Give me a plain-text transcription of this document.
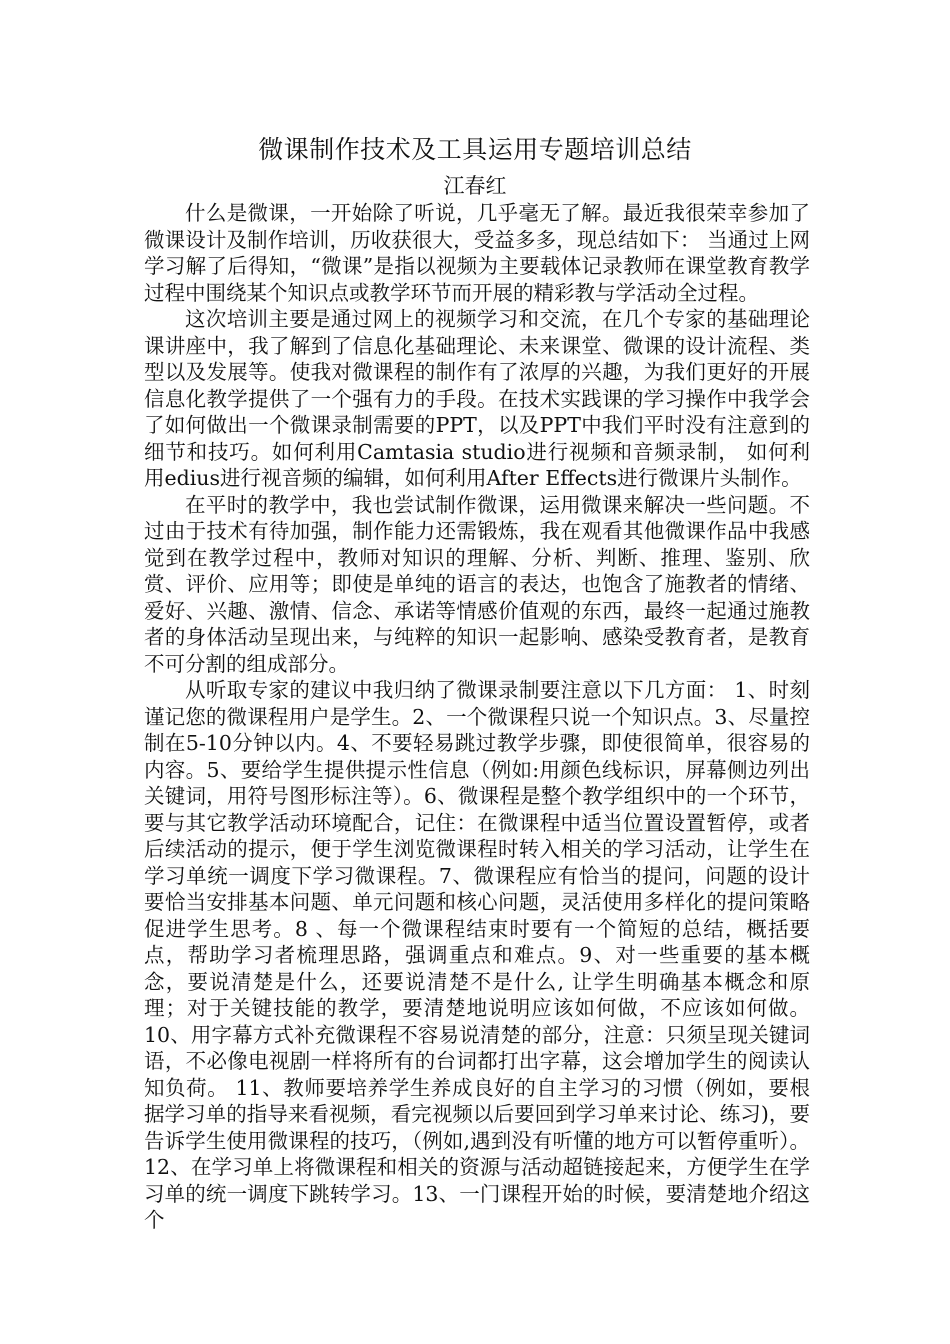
微课制作技术及工具运用专题培训总结
江春红

什么是微课，一开始除了听说，几乎毫无了解。最近我很荣幸参加了微课设计及制作培训，历收获很大，受益多多，现总结如下： 当通过上网学习解了后得知，“微课”是指以视频为主要载体记录教师在课堂教育教学过程中围绕某个知识点或教学环节而开展的精彩教与学活动全过程。

这次培训主要是通过网上的视频学习和交流，在几个专家的基础理论课讲座中，我了解到了信息化基础理论、未来课堂、微课的设计流程、类型以及发展等。使我对微课程的制作有了浓厚的兴趣，为我们更好的开展信息化教学提供了一个强有力的手段。在技术实践课的学习操作中我学会了如何做出一个微课录制需要的PPT，以及PPT中我们平时没有注意到的细节和技巧。如何利用Camtasia studio进行视频和音频录制， 如何利用edius进行视音频的编辑，如何利用After Effects进行微课片头制作。

在平时的教学中，我也尝试制作微课，运用微课来解决一些问题。不过由于技术有待加强，制作能力还需锻炼，我在观看其他微课作品中我感觉到在教学过程中，教师对知识的理解、分析、判断、推理、鉴别、欣赏、评价、应用等；即使是单纯的语言的表达，也饱含了施教者的情绪、爱好、兴趣、激情、信念、承诺等情感价值观的东西，最终一起通过施教者的身体活动呈现出来，与纯粹的知识一起影响、感染受教育者，是教育不可分割的组成部分。

从听取专家的建议中我归纳了微课录制要注意以下几方面： 1、时刻谨记您的微课程用户是学生。2、一个微课程只说一个知识点。3、尽量控制在5-10分钟以内。4、不要轻易跳过教学步骤，即使很简单，很容易的内容。5、要给学生提供提示性信息（例如:用颜色线标识，屏幕侧边列出关键词，用符号图形标注等）。6、微课程是整个教学组织中的一个环节，要与其它教学活动环境配合，记住：在微课程中适当位置设置暂停，或者后续活动的提示，便于学生浏览微课程时转入相关的学习活动，让学生在学习单统一调度下学习微课程。7、微课程应有恰当的提问，问题的设计要恰当安排基本问题、单元问题和核心问题，灵活使用多样化的提问策略促进学生思考。8 、每一个微课程结束时要有一个简短的总结，概括要点，帮助学习者梳理思路，强调重点和难点。9、对一些重要的基本概念，要说清楚是什么，还要说清楚不是什么, 让学生明确基本概念和原理；对于关键技能的教学，要清楚地说明应该如何做，不应该如何做。10、用字幕方式补充微课程不容易说清楚的部分，注意：只须呈现关键词语，不必像电视剧一样将所有的台词都打出字幕，这会增加学生的阅读认知负荷。 11、教师要培养学生养成良好的自主学习的习惯（例如，要根据学习单的指导来看视频，看完视频以后要回到学习单来讨论、练习)，要告诉学生使用微课程的技巧，（例如,遇到没有听懂的地方可以暂停重听）。12、在学习单上将微课程和相关的资源与活动超链接起来，方便学生在学习单的统一调度下跳转学习。13、一门课程开始的时候，要清楚地介绍这个
